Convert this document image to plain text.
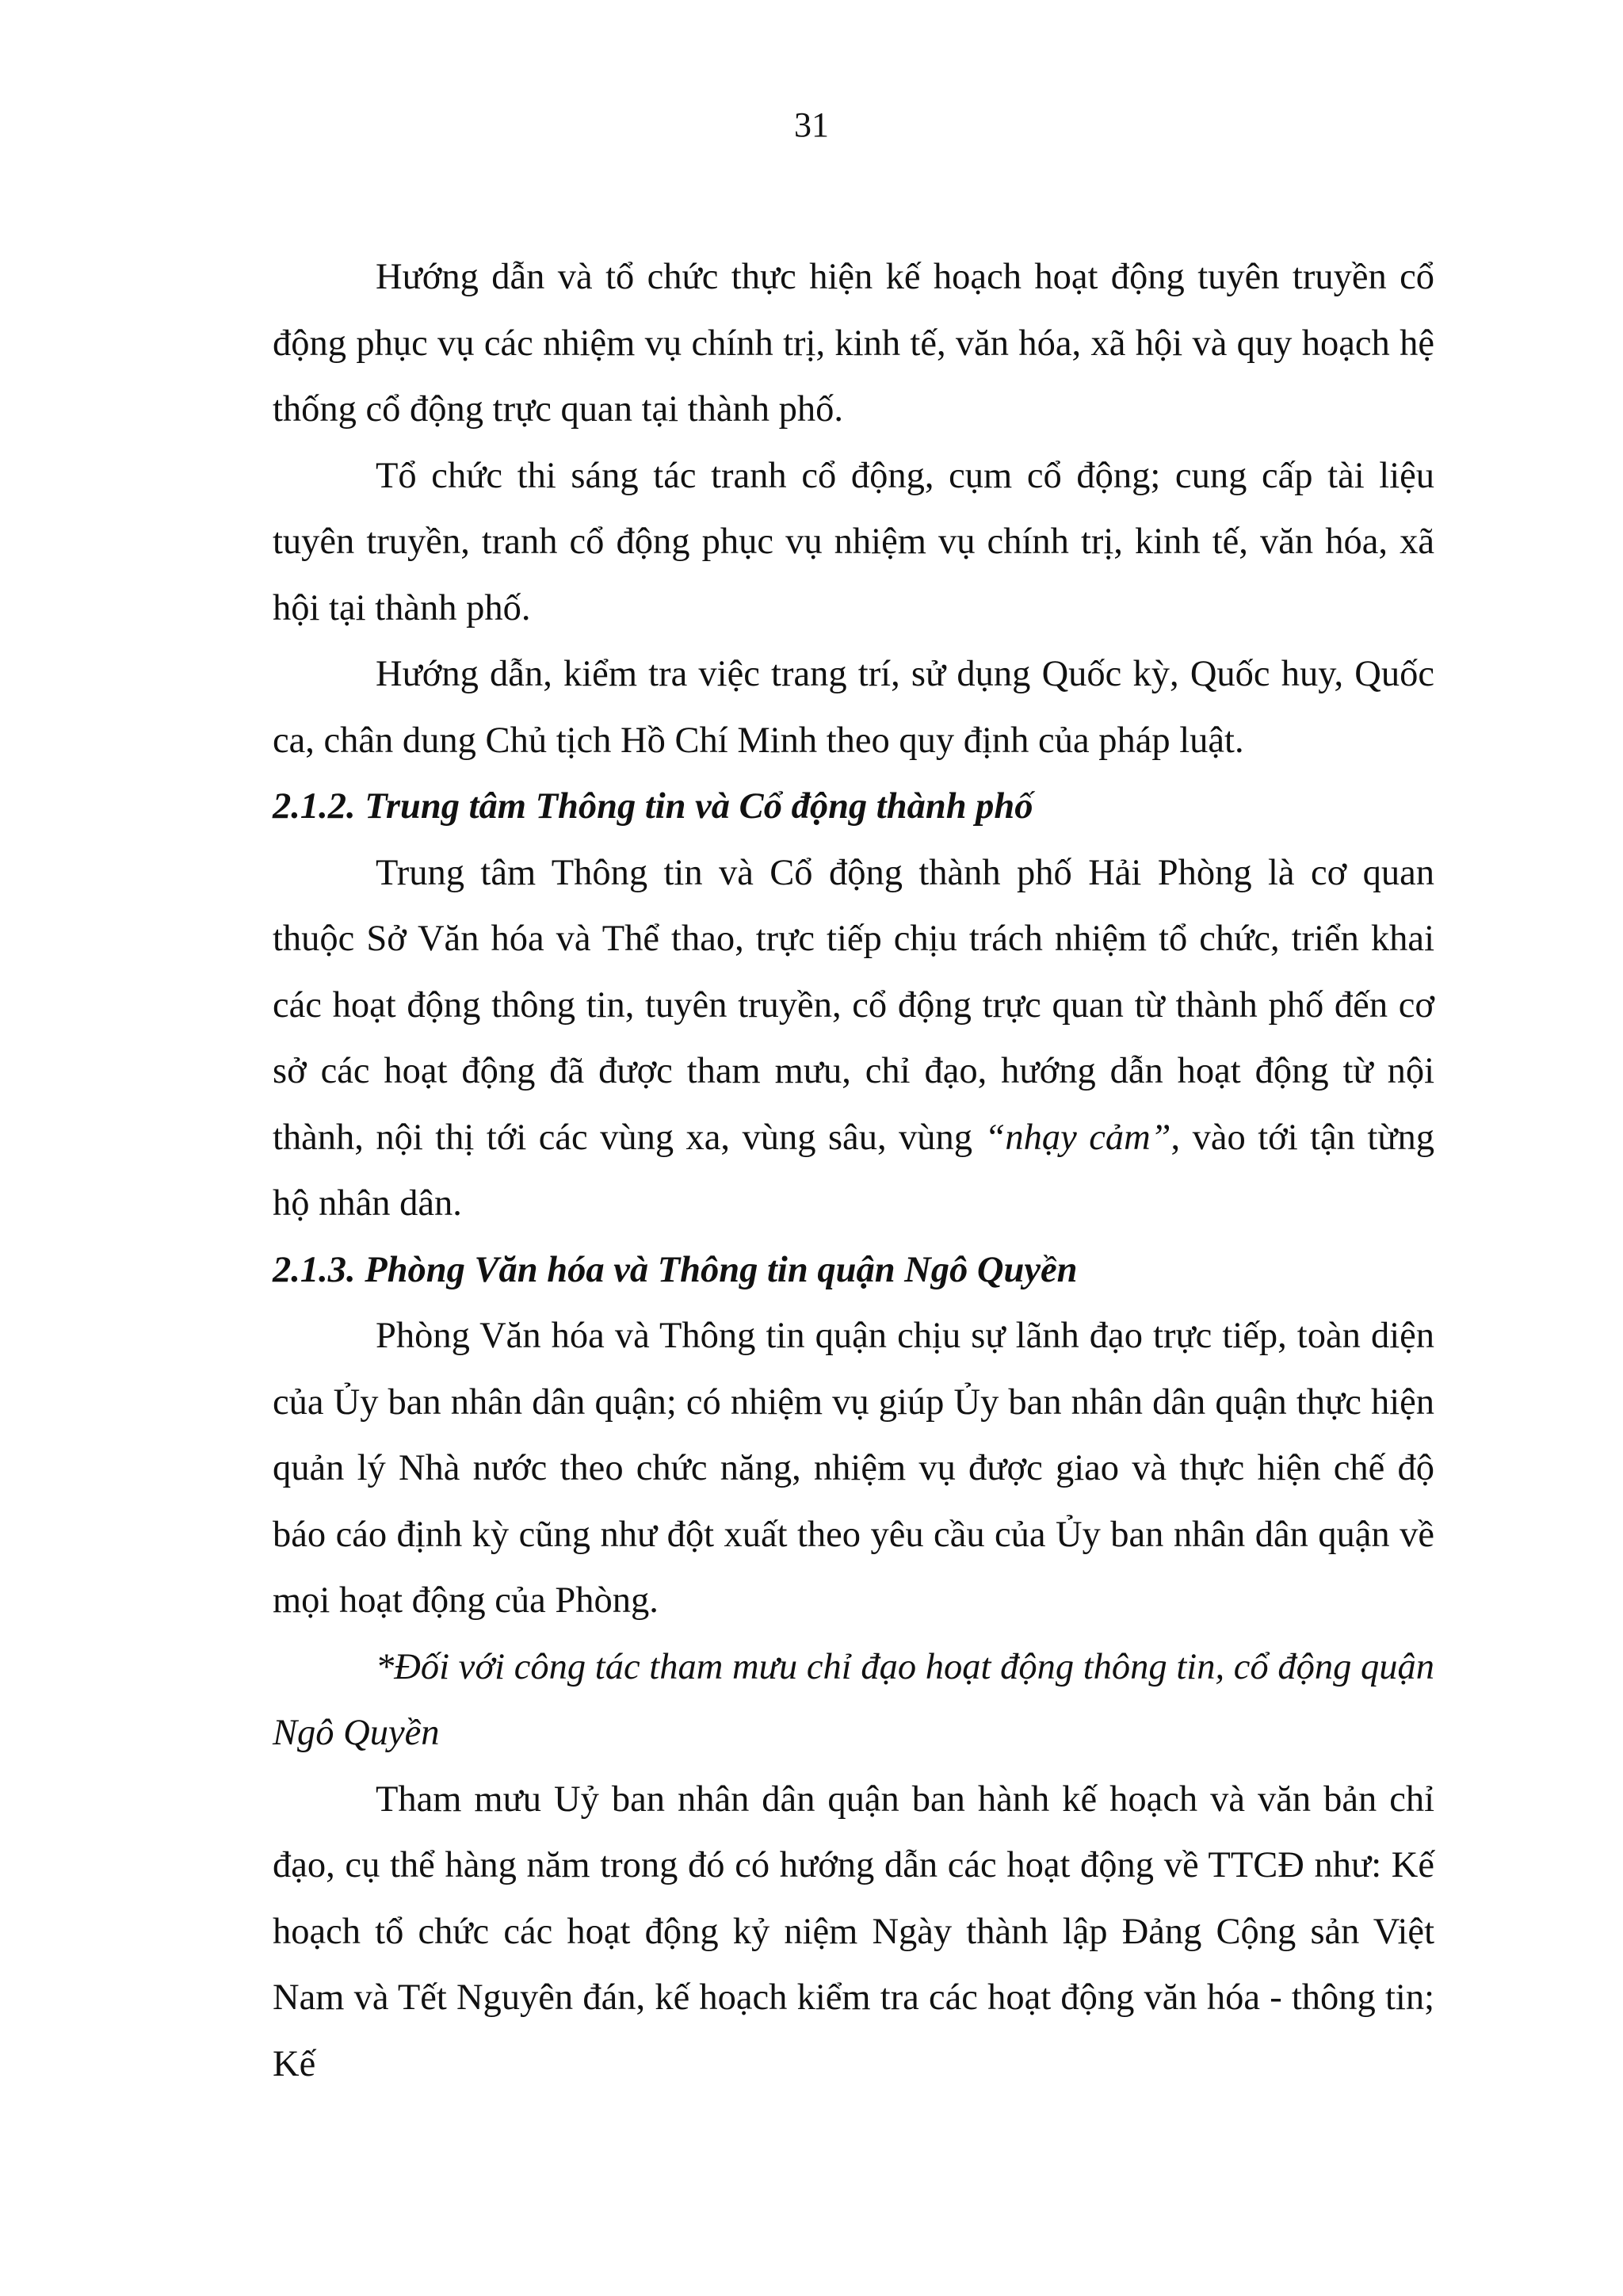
31

Hướng dẫn và tổ chức thực hiện kế hoạch hoạt động tuyên truyền cổ động phục vụ các nhiệm vụ chính trị, kinh tế, văn hóa, xã hội và quy hoạch hệ thống cổ động trực quan tại thành phố.

Tổ chức thi sáng tác tranh cổ động, cụm cổ động; cung cấp tài liệu tuyên truyền, tranh cổ động phục vụ nhiệm vụ chính trị, kinh tế, văn hóa, xã hội tại thành phố.

Hướng dẫn, kiểm tra việc trang trí, sử dụng Quốc kỳ, Quốc huy, Quốc ca, chân dung Chủ tịch Hồ Chí Minh theo quy định của pháp luật.

2.1.2. Trung tâm Thông tin và Cổ động thành phố

Trung tâm Thông tin và Cổ động thành phố Hải Phòng là cơ quan thuộc Sở Văn hóa và Thể thao, trực tiếp chịu trách nhiệm tổ chức, triển khai các hoạt động thông tin, tuyên truyền, cổ động trực quan từ thành phố đến cơ sở các hoạt động đã được tham mưu, chỉ đạo, hướng dẫn hoạt động từ nội thành, nội thị tới các vùng xa, vùng sâu, vùng “nhạy cảm”, vào tới tận từng hộ nhân dân.

2.1.3. Phòng Văn hóa và Thông tin quận Ngô Quyền

Phòng Văn hóa và Thông tin quận chịu sự lãnh đạo trực tiếp, toàn diện của Ủy ban nhân dân quận; có nhiệm vụ giúp Ủy ban nhân dân quận thực hiện quản lý Nhà nước theo chức năng, nhiệm vụ được giao và thực hiện chế độ báo cáo định kỳ cũng như đột xuất theo yêu cầu của Ủy ban nhân dân quận về mọi hoạt động của Phòng.

*Đối với công tác tham mưu chỉ đạo hoạt động thông tin, cổ động quận Ngô Quyền

Tham mưu Uỷ ban nhân dân quận ban hành kế hoạch và văn bản chỉ đạo, cụ thể hàng năm trong đó có hướng dẫn các hoạt động về TTCĐ như: Kế hoạch tổ chức các hoạt động kỷ niệm Ngày thành lập Đảng Cộng sản Việt Nam và Tết Nguyên đán, kế hoạch kiểm tra các hoạt động văn hóa - thông tin; Kế
